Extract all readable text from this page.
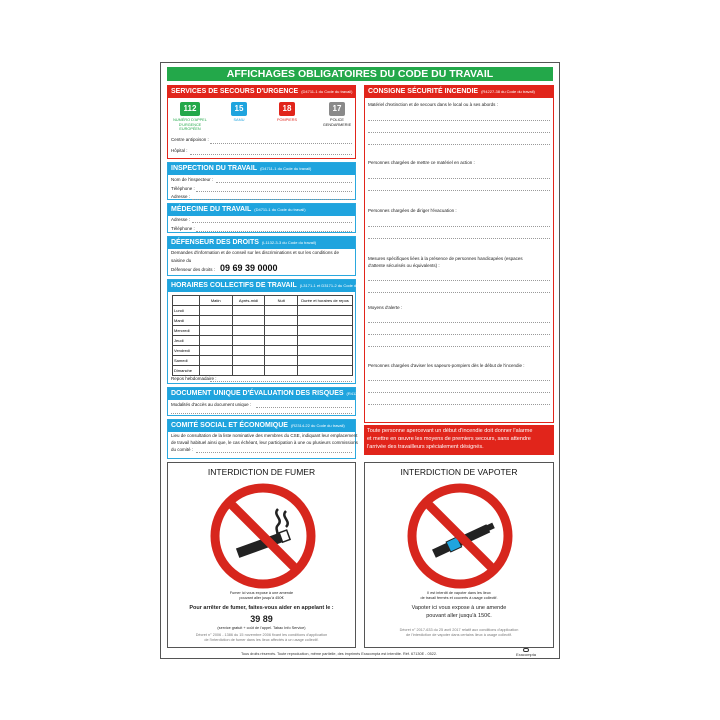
AFFICHAGES OBLIGATOIRES DU CODE DU TRAVAIL
SERVICES DE SECOURS D'URGENCE (D4711-1 du Code du travail)
112
NUMÉRO D'APPEL D'URGENCE EUROPÉEN
15
SAMU
18
POMPIERS
17
POLICE GENDARMERIE
Centre antipoison :
Hôpital :
INSPECTION DU TRAVAIL (D4711-1 du Code du travail)
Nom de l'inspecteur :
Téléphone :
Adresse :
MÉDECINE DU TRAVAIL (D4711-1 du Code du travail)
Adresse :
Téléphone :
DÉFENSEUR DES DROITS (L1132-3-3 du Code du travail)
Demandes d'information et de conseil sur les discriminations et sur les conditions de
saisine du
Défenseur des droits : 09 69 39 0000
HORAIRES COLLECTIFS DE TRAVAIL (L3171-1 et D3171-2 du Code du travail)
	Matin	Après-midi	Nuit	Durée et horaires de repos
Lundi				
Mardi				
Mercredi				
Jeudi				
Vendredi				
Samedi				
Dimanche				
Repos hebdomadaire :
DOCUMENT UNIQUE D'ÉVALUATION DES RISQUES (R4121-4 du Code du travail)
Modalités d'accès au document unique :
COMITÉ SOCIAL ET ÉCONOMIQUE (R2314-22 du Code du travail)
Lieu de consultation de la liste nominative des membres du CSE, indiquant leur emplacement
de travail habituel ainsi que, le cas échéant, leur participation à une ou plusieurs commissions
du comité :
CONSIGNE SÉCURITÉ INCENDIE (R4227-38 du Code du travail)
Matériel d'extinction et de secours dans le local ou à ses abords :
Personnes chargées de mettre ce matériel en action :
Personnes chargées de diriger l'évacuation :
Mesures spécifiques liées à la présence de personnes handicapées (espaces
d'attente sécurisés ou équivalents) :
Moyens d'alerte :
Personnes chargées d'aviser les sapeurs-pompiers dès le début de l'incendie :
Toute personne apercevant un début d'incendie doit donner l'alarme
et mettre en œuvre les moyens de premiers secours, sans attendre
l'arrivée des travailleurs spécialement désignés.
INTERDICTION DE FUMER
Fumer ici vous expose à une amende
pouvant aller jusqu'à 450€
Pour arrêter de fumer, faites-vous aider en appelant le :
39 89
(service gratuit + coût de l'appel. Tabac Info Service)
Décret n° 2006 - 1386 du 15 novembre 2006 fixant les conditions d'application
de l'interdiction de fumer dans les lieux affectés à un usage collectif.
INTERDICTION DE VAPOTER
Il est interdit de vapoter dans les lieux
de travail fermés et couverts à usage collectif.
Vapoter ici vous expose à une amende
pouvant aller jusqu'à 150€.
Décret n° 2017-633 du 25 avril 2017 relatif aux conditions d'application
de l'interdiction de vapoter dans certains lieux à usage collectif.
Tous droits réservés. Toute reproduction, même partielle, des imprimés Exacompta est interdite. Réf. 67130E - 0522.	Exacompta
